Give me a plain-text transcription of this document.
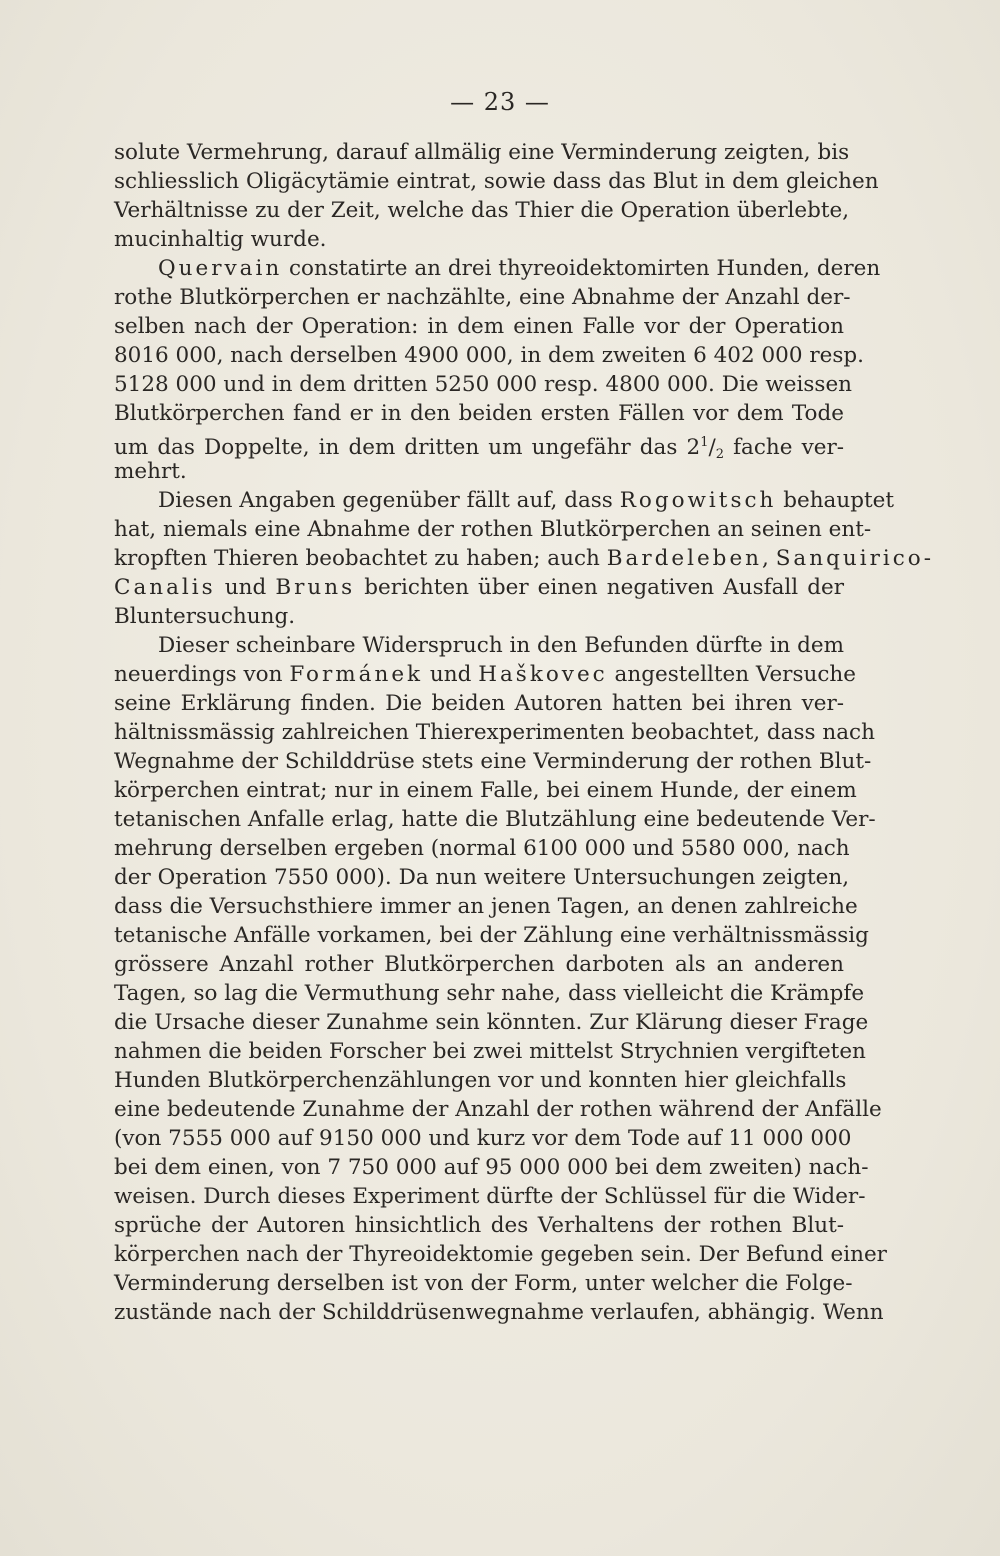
— 23 —
solute Vermehrung, darauf allmälig eine Verminderung zeigten, bis
schliesslich Oligäcytämie eintrat, sowie dass das Blut in dem gleichen
Verhältnisse zu der Zeit, welche das Thier die Operation überlebte,
mucinhaltig wurde.
Quervain constatirte an drei thyreoidektomirten Hunden, deren
rothe Blutkörperchen er nachzählte, eine Abnahme der Anzahl der-
selben nach der Operation: in dem einen Falle vor der Operation
8016 000, nach derselben 4900 000, in dem zweiten 6 402 000 resp.
5128 000 und in dem dritten 5250 000 resp. 4800 000. Die weissen
Blutkörperchen fand er in den beiden ersten Fällen vor dem Tode
um das Doppelte, in dem dritten um ungefähr das $2^1/_2$ fache ver-
mehrt.
Diesen Angaben gegenüber fällt auf, dass Rogowitsch behauptet
hat, niemals eine Abnahme der rothen Blutkörperchen an seinen ent-
kropften Thieren beobachtet zu haben; auch Bardeleben, Sanquirico-
Canalis und Bruns berichten über einen negativen Ausfall der
Bluntersuchung.
Dieser scheinbare Widerspruch in den Befunden dürfte in dem
neuerdings von Formánek und Haškovec angestellten Versuche
seine Erklärung finden. Die beiden Autoren hatten bei ihren ver-
hältnissmässig zahlreichen Thierexperimenten beobachtet, dass nach
Wegnahme der Schilddrüse stets eine Verminderung der rothen Blut-
körperchen eintrat; nur in einem Falle, bei einem Hunde, der einem
tetanischen Anfalle erlag, hatte die Blutzählung eine bedeutende Ver-
mehrung derselben ergeben (normal 6100 000 und 5580 000, nach
der Operation 7550 000). Da nun weitere Untersuchungen zeigten,
dass die Versuchsthiere immer an jenen Tagen, an denen zahlreiche
tetanische Anfälle vorkamen, bei der Zählung eine verhältnissmässig
grössere Anzahl rother Blutkörperchen darboten als an anderen
Tagen, so lag die Vermuthung sehr nahe, dass vielleicht die Krämpfe
die Ursache dieser Zunahme sein könnten. Zur Klärung dieser Frage
nahmen die beiden Forscher bei zwei mittelst Strychnien vergifteten
Hunden Blutkörperchenzählungen vor und konnten hier gleichfalls
eine bedeutende Zunahme der Anzahl der rothen während der Anfälle
(von 7555 000 auf 9150 000 und kurz vor dem Tode auf 11 000 000
bei dem einen, von 7 750 000 auf 95 000 000 bei dem zweiten) nach-
weisen. Durch dieses Experiment dürfte der Schlüssel für die Wider-
sprüche der Autoren hinsichtlich des Verhaltens der rothen Blut-
körperchen nach der Thyreoidektomie gegeben sein. Der Befund einer
Verminderung derselben ist von der Form, unter welcher die Folge-
zustände nach der Schilddrüsenwegnahme verlaufen, abhängig. Wenn
